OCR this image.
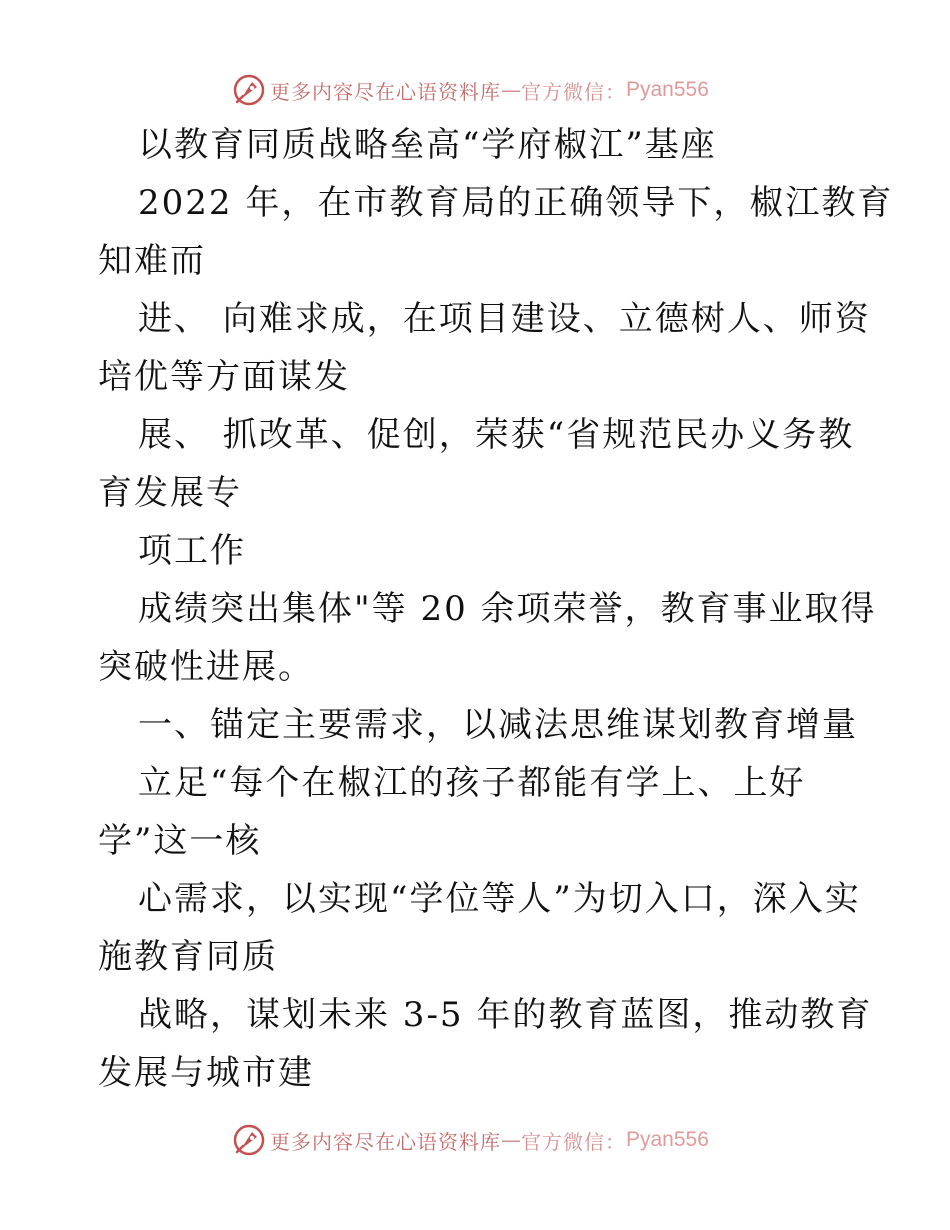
更多内容尽在心语资料库 — 官方微信： Pyan556
以教育同质战略垒高“学府椒江”基座
2022 年，在市教育局的正确领导下，椒江教育
知难而
进、 向难求成，在项目建设、立德树人、师资
培优等方面谋发
展、 抓改革、促创，荣获“省规范民办义务教
育发展专
项工作
成绩突出集体"等 20 余项荣誉，教育事业取得
突破性进展。
一、锚定主要需求，以减法思维谋划教育增量
立足“每个在椒江的孩子都能有学上、上好
学”这一核
心需求，以实现“学位等人”为切入口，深入实
施教育同质
战略，谋划未来 3-5 年的教育蓝图，推动教育
发展与城市建
更多内容尽在心语资料库 — 官方微信： Pyan556
